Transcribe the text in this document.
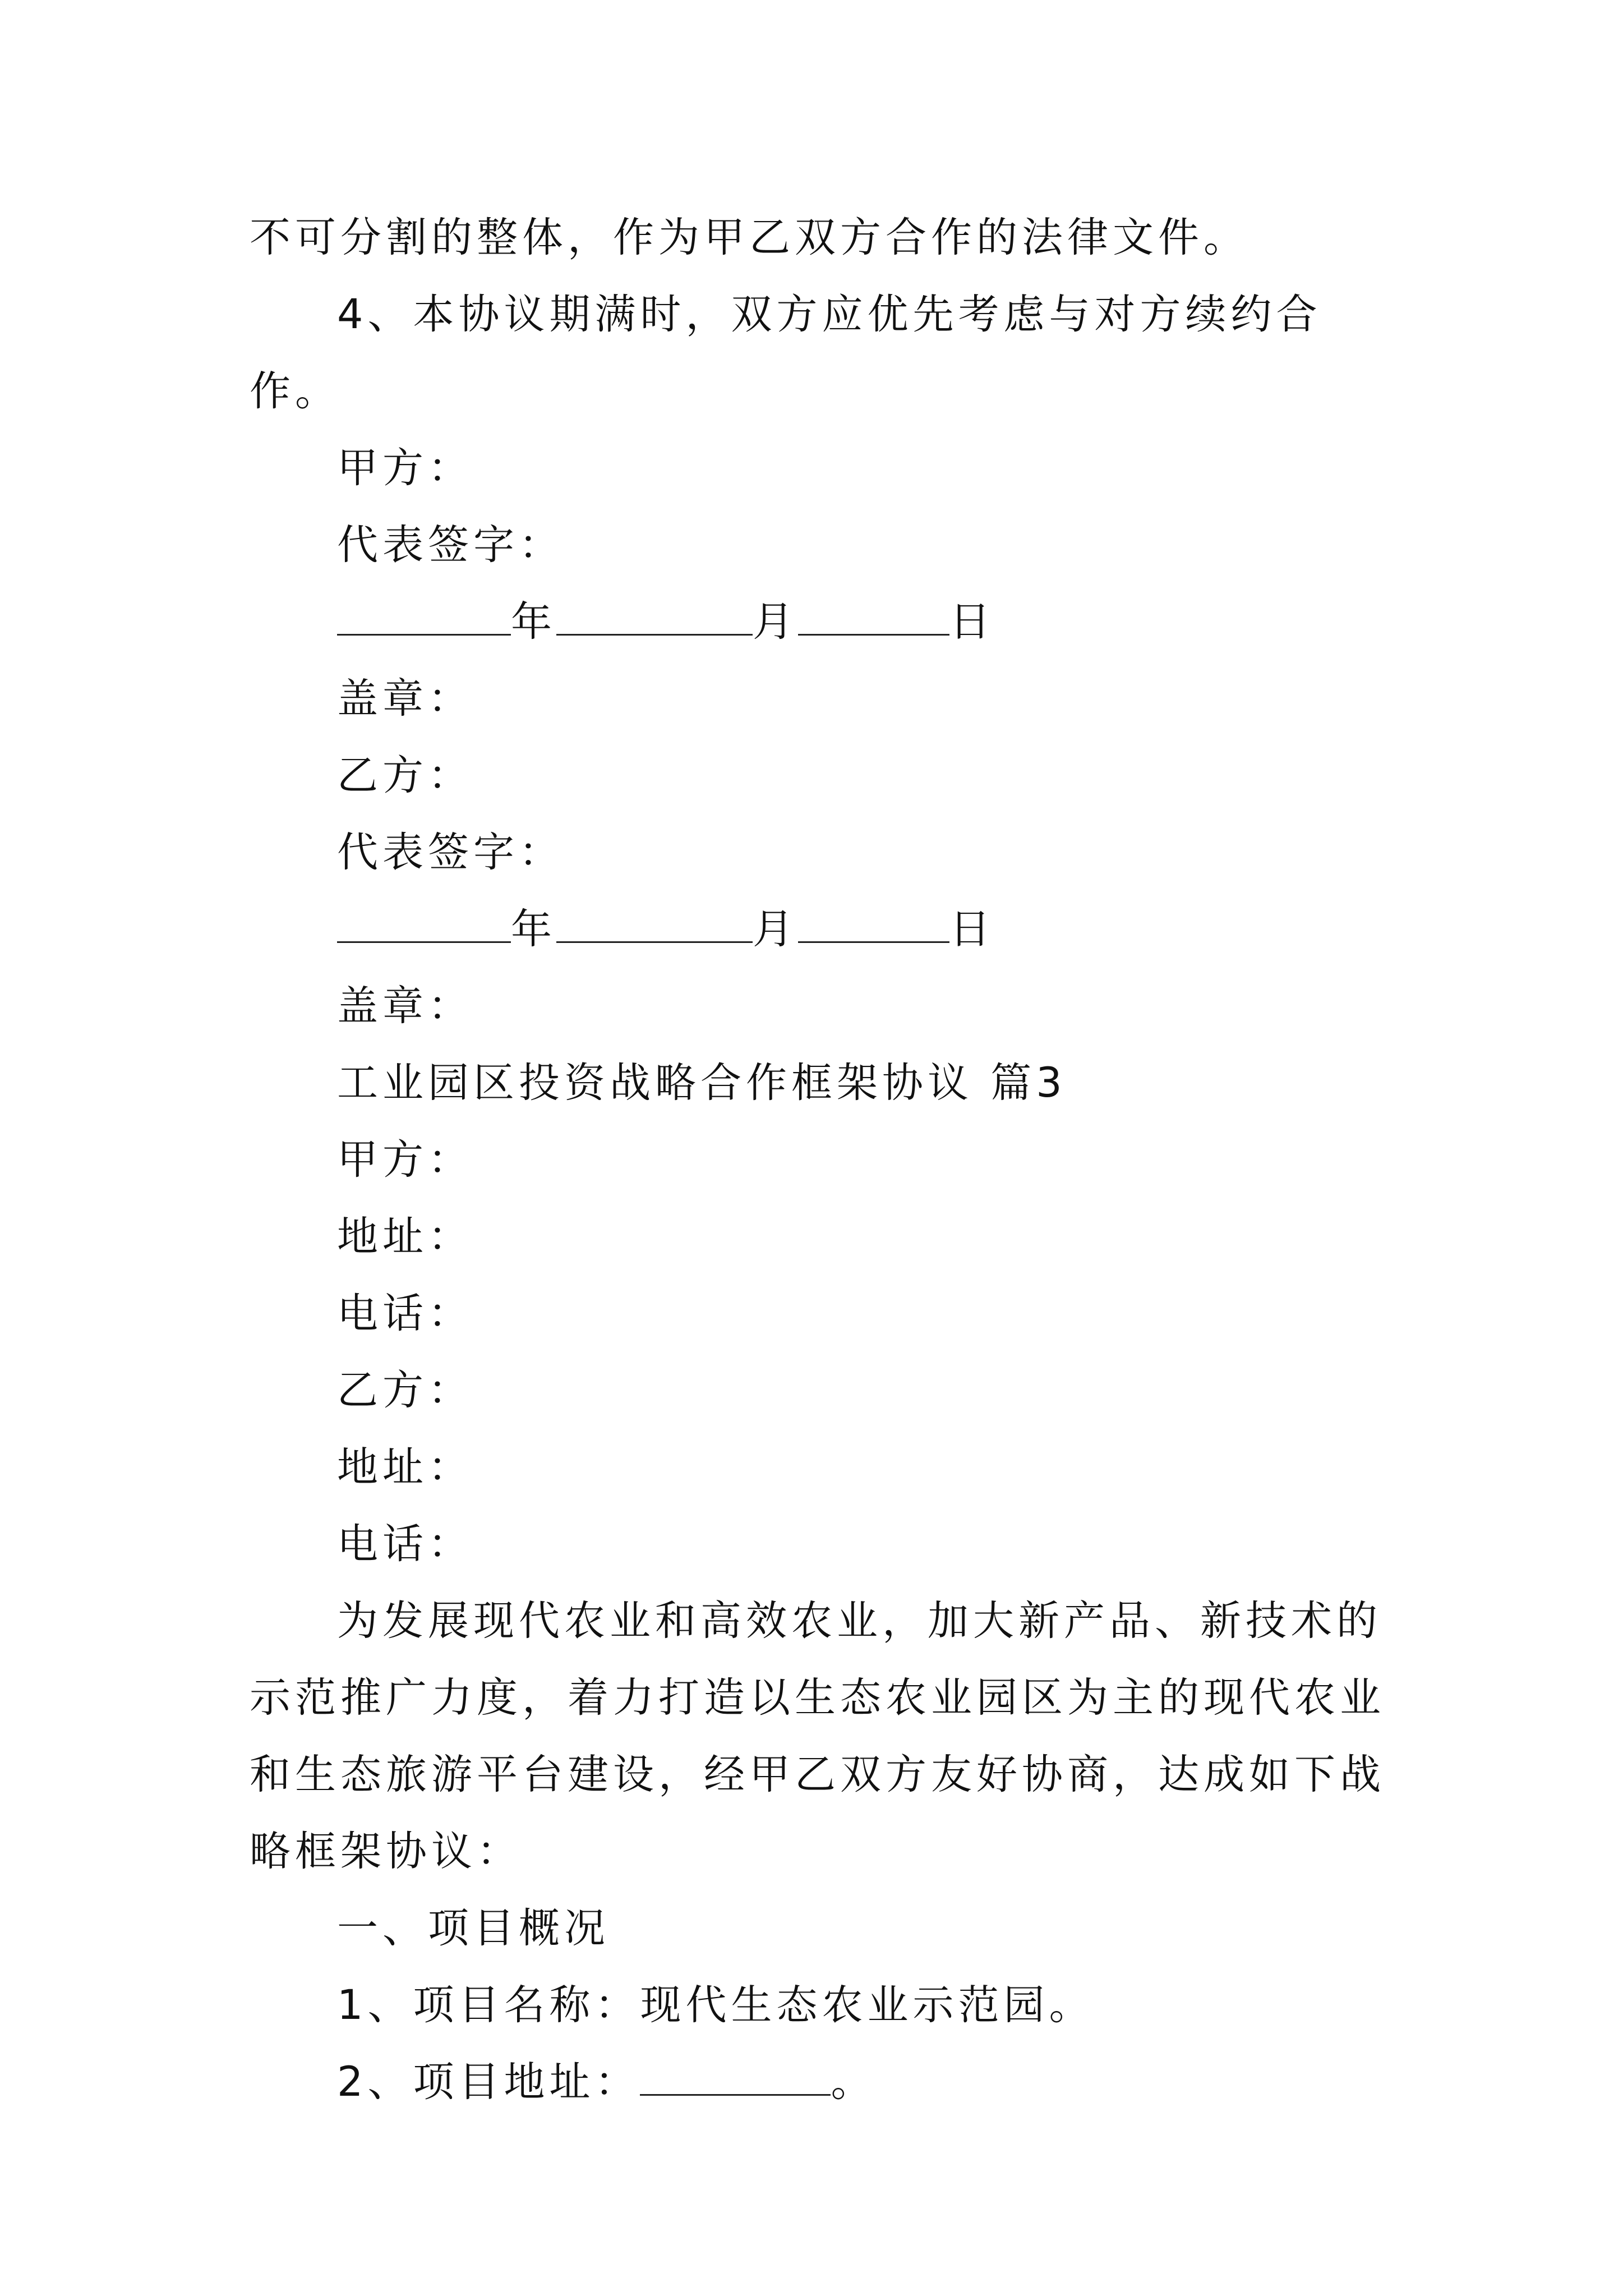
不可分割的整体，作为甲乙双方合作的法律文件。

4、本协议期满时，双方应优先考虑与对方续约合作。

甲方：

代表签字：

年	月	日

盖章：

乙方：

代表签字：

年	月	日

盖章：

工业园区投资战略合作框架协议 篇3

甲方：

地址：

电话：

乙方：

地址：

电话：

为发展现代农业和高效农业，加大新产品、新技术的示范推广力度，着力打造以生态农业园区为主的现代农业和生态旅游平台建设，经甲乙双方友好协商，达成如下战略框架协议：

一、项目概况

1、项目名称：现代生态农业示范园。

2、项目地址：	。
